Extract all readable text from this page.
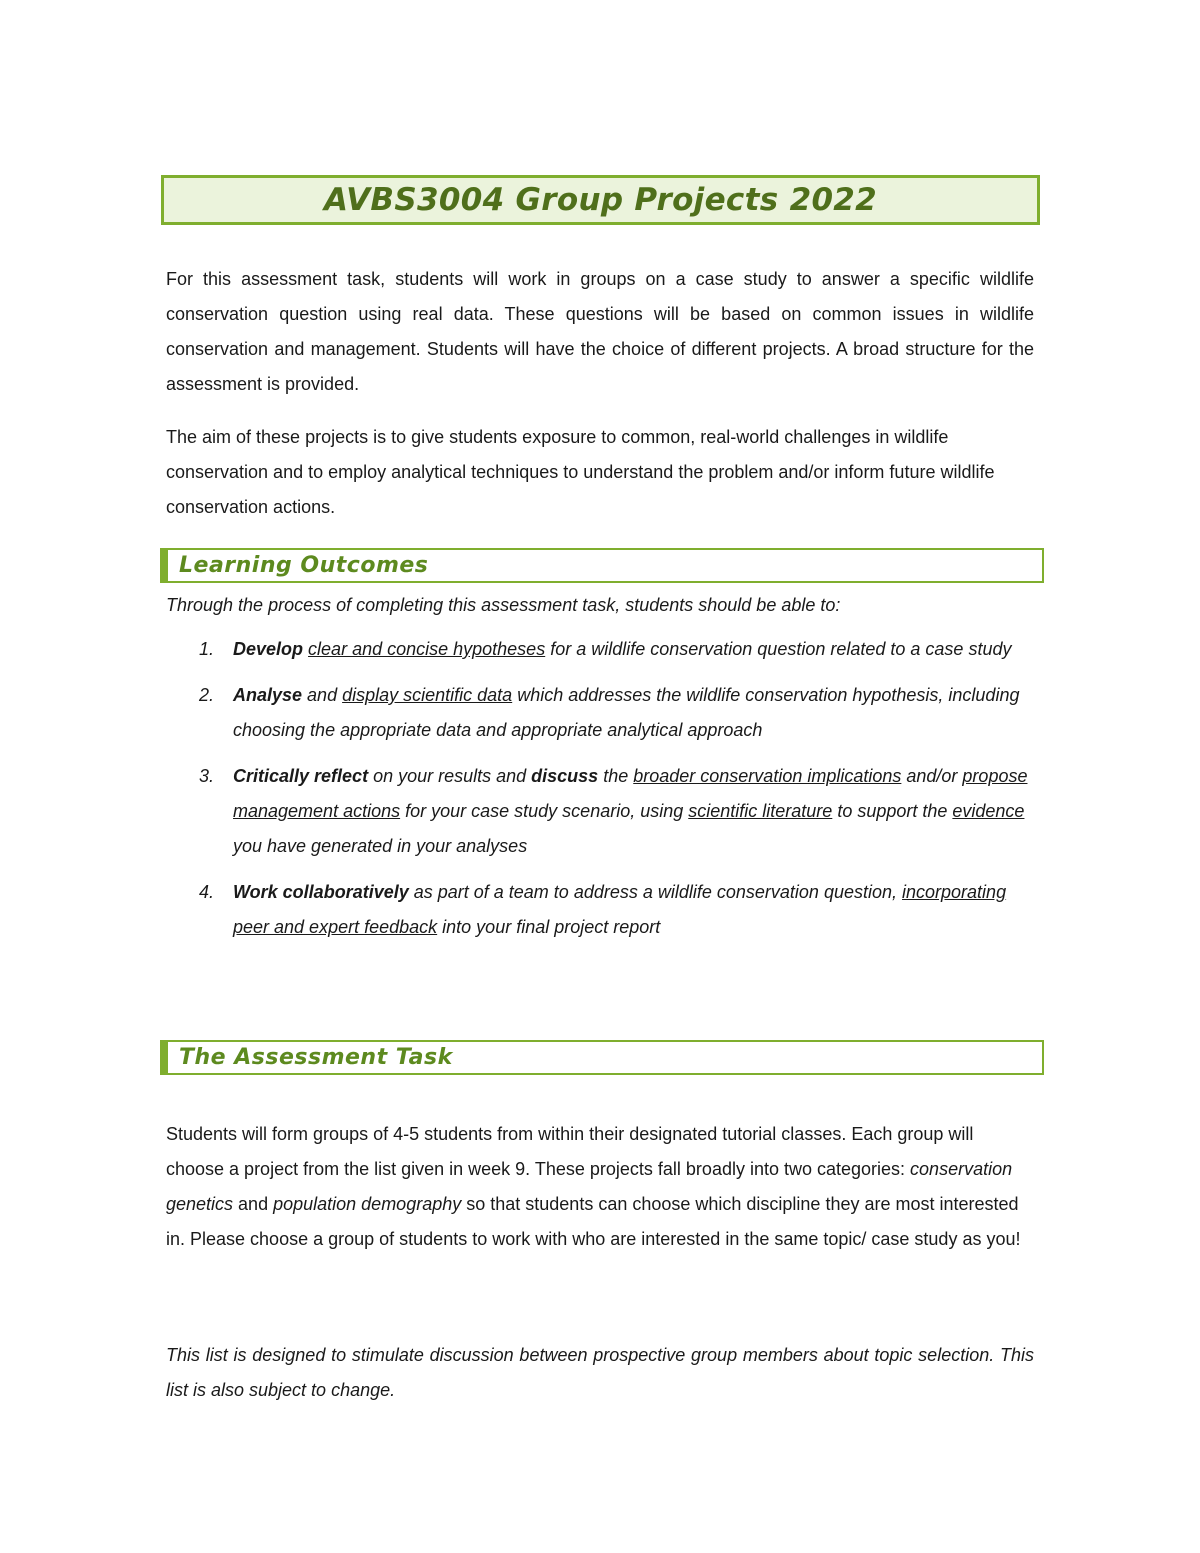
AVBS3004 Group Projects 2022

For this assessment task, students will work in groups on a case study to answer a specific wildlife conservation question using real data. These questions will be based on common issues in wildlife conservation and management. Students will have the choice of different projects. A broad structure for the assessment is provided.

The aim of these projects is to give students exposure to common, real-world challenges in wildlife conservation and to employ analytical techniques to understand the problem and/or inform future wildlife conservation actions.

Learning Outcomes
Through the process of completing this assessment task, students should be able to:
1. Develop clear and concise hypotheses for a wildlife conservation question related to a case study
2. Analyse and display scientific data which addresses the wildlife conservation hypothesis, including choosing the appropriate data and appropriate analytical approach
3. Critically reflect on your results and discuss the broader conservation implications and/or propose management actions for your case study scenario, using scientific literature to support the evidence you have generated in your analyses
4. Work collaboratively as part of a team to address a wildlife conservation question, incorporating peer and expert feedback into your final project report
The Assessment Task

Students will form groups of 4-5 students from within their designated tutorial classes. Each group will choose a project from the list given in week 9. These projects fall broadly into two categories: conservation genetics and population demography so that students can choose which discipline they are most interested in. Please choose a group of students to work with who are interested in the same topic/ case study as you!

This list is designed to stimulate discussion between prospective group members about topic selection. This list is also subject to change.
